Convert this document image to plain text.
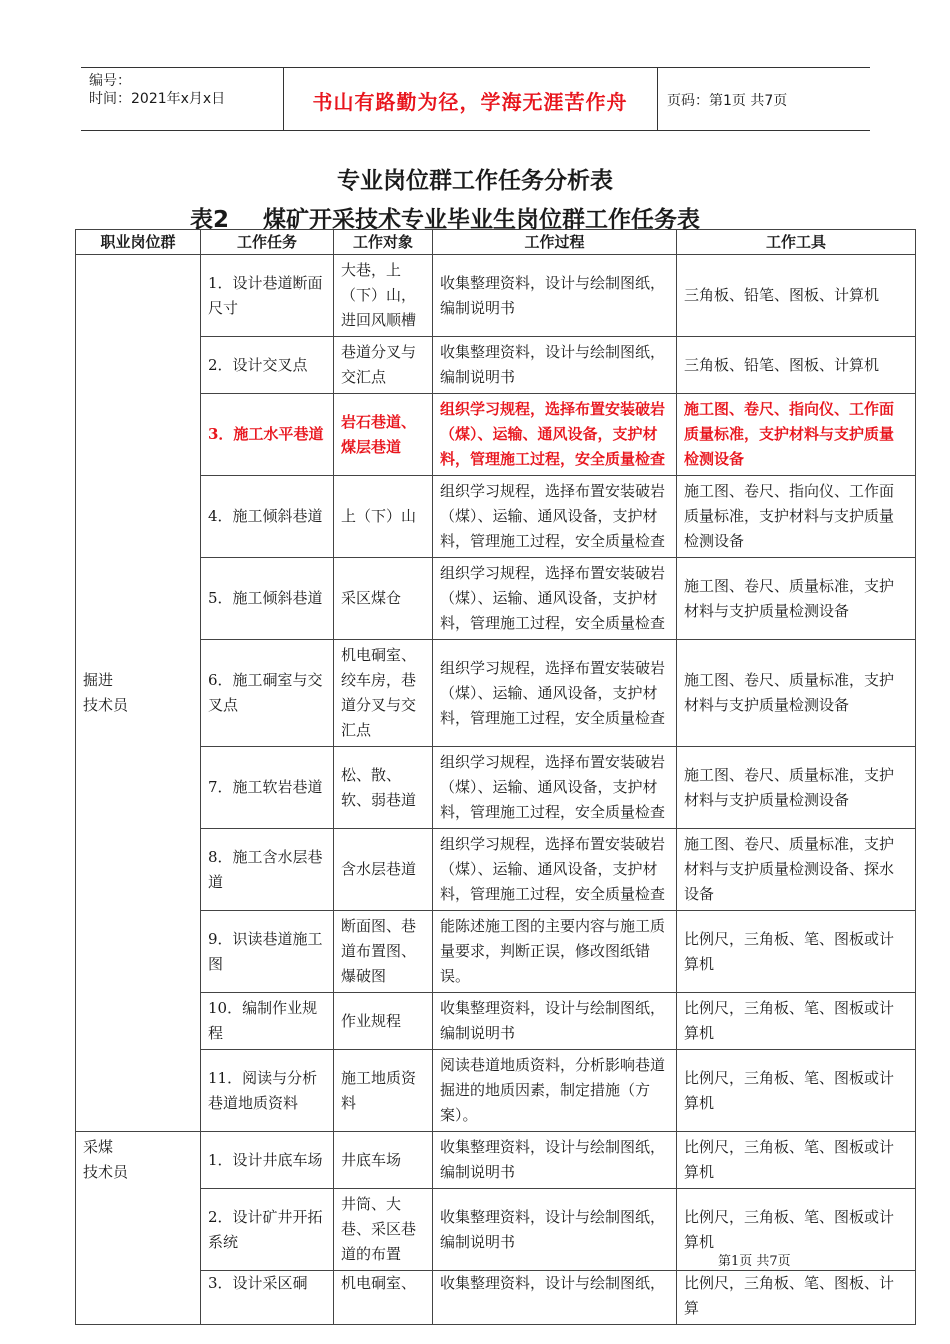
编号：
时间：2021年x月x日	书山有路勤为径，学海无涯苦作舟	页码：第1页 共7页
专业岗位群工作任务分析表
表2 煤矿开采技术专业毕业生岗位群工作任务表
职业岗位群	工作任务	工作对象	工作过程	工作工具

掘进
技术员	1．设计巷道断面尺寸	大巷，上（下）山，进回风顺槽	收集整理资料，设计与绘制图纸，编制说明书	三角板、铅笔、图板、计算机
	2．设计交叉点	巷道分叉与交汇点	收集整理资料，设计与绘制图纸，编制说明书	三角板、铅笔、图板、计算机
	3．施工水平巷道	岩石巷道、煤层巷道	组织学习规程，选择布置安装破岩（煤）、运输、通风设备，支护材料，管理施工过程，安全质量检查	施工图、卷尺、指向仪、工作面质量标准，支护材料与支护质量检测设备
	4．施工倾斜巷道	上（下）山	组织学习规程，选择布置安装破岩（煤）、运输、通风设备，支护材料，管理施工过程，安全质量检查	施工图、卷尺、指向仪、工作面质量标准，支护材料与支护质量检测设备
	5．施工倾斜巷道	采区煤仓	组织学习规程，选择布置安装破岩（煤）、运输、通风设备，支护材料，管理施工过程，安全质量检查	施工图、卷尺、质量标准，支护材料与支护质量检测设备
	6．施工硐室与交叉点	机电硐室、绞车房，巷道分叉与交汇点	组织学习规程，选择布置安装破岩（煤）、运输、通风设备，支护材料，管理施工过程，安全质量检查	施工图、卷尺、质量标准，支护材料与支护质量检测设备
	7．施工软岩巷道	松、散、软、弱巷道	组织学习规程，选择布置安装破岩（煤）、运输、通风设备，支护材料，管理施工过程，安全质量检查	施工图、卷尺、质量标准，支护材料与支护质量检测设备
	8．施工含水层巷道	含水层巷道	组织学习规程，选择布置安装破岩（煤）、运输、通风设备，支护材料，管理施工过程，安全质量检查	施工图、卷尺、质量标准，支护材料与支护质量检测设备、探水设备
	9．识读巷道施工图	断面图、巷道布置图、爆破图	能陈述施工图的主要内容与施工质量要求，判断正误，修改图纸错误。	比例尺，三角板、笔、图板或计算机
	10．编制作业规程	作业规程	收集整理资料，设计与绘制图纸，编制说明书	比例尺，三角板、笔、图板或计算机
	11．阅读与分析巷道地质资料	施工地质资料	阅读巷道地质资料，分析影响巷道掘进的地质因素，制定措施（方案）。	比例尺，三角板、笔、图板或计算机

采煤
技术员	1．设计井底车场	井底车场	收集整理资料，设计与绘制图纸，编制说明书	比例尺，三角板、笔、图板或计算机
	2．设计矿井开拓系统	井筒、大巷、采区巷道的布置	收集整理资料，设计与绘制图纸，编制说明书	比例尺，三角板、笔、图板或计算机
	3．设计采区硐	机电硐室、	收集整理资料，设计与绘制图纸，	比例尺，三角板、笔、图板、计算
第1页 共7页
